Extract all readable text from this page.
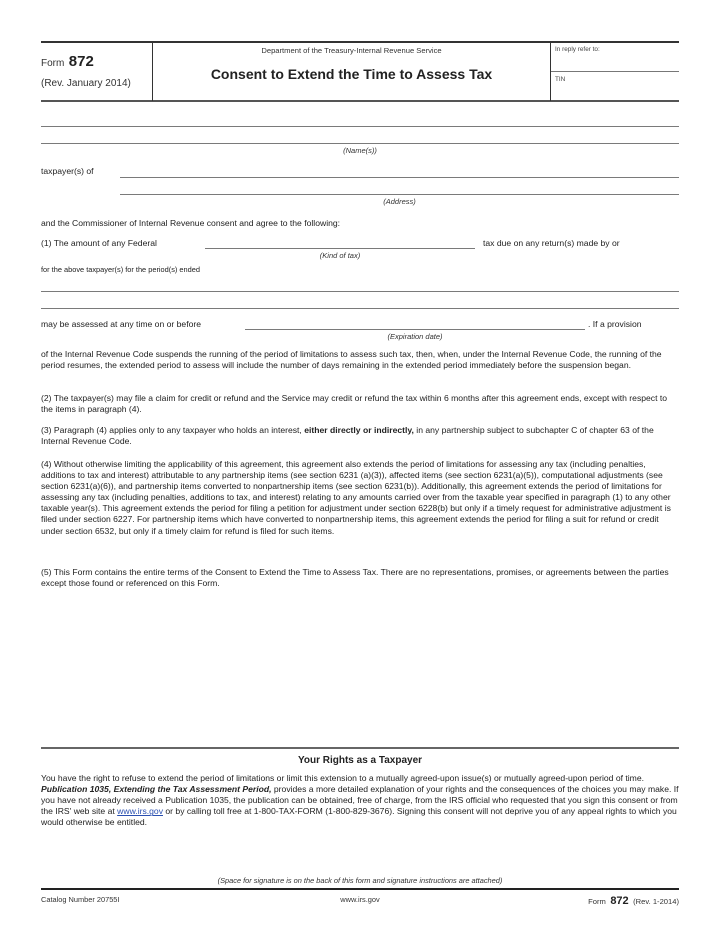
Form 872
(Rev. January 2014)
Department of the Treasury-Internal Revenue Service
Consent to Extend the Time to Assess Tax
In reply refer to:
TIN
(Name(s))
taxpayer(s) of
(Address)
and the Commissioner of Internal Revenue consent and agree to the following:
(1) The amount of any Federal
(Kind of tax)
tax due on any return(s) made by or
for the above taxpayer(s) for the period(s) ended
may be assessed at any time on or before
(Expiration date)
. If a provision
of the Internal Revenue Code suspends the running of the period of limitations to assess such tax, then, when, under the Internal Revenue Code, the running of the period resumes, the extended period to assess will include the number of days remaining in the extended period immediately before the suspension began.
(2) The taxpayer(s) may file a claim for credit or refund and the Service may credit or refund the tax within 6 months after this agreement ends, except with respect to the items in paragraph (4).
(3) Paragraph (4) applies only to any taxpayer who holds an interest, either directly or indirectly, in any partnership subject to subchapter C of chapter 63 of the Internal Revenue Code.
(4) Without otherwise limiting the applicability of this agreement, this agreement also extends the period of limitations for assessing any tax (including penalties, additions to tax and interest) attributable to any partnership items (see section 6231 (a)(3)), affected items (see section 6231(a)(5)), computational adjustments (see section 6231(a)(6)), and partnership items converted to nonpartnership items (see section 6231(b)). Additionally, this agreement extends the period of limitations for assessing any tax (including penalties, additions to tax, and interest) relating to any amounts carried over from the taxable year specified in paragraph (1) to any other taxable year(s). This agreement extends the period for filing a petition for adjustment under section 6228(b) but only if a timely request for administrative adjustment is filed under section 6227. For partnership items which have converted to nonpartnership items, this agreement extends the period for filing a suit for refund or credit under section 6532, but only if a timely claim for refund is filed for such items.
(5) This Form contains the entire terms of the Consent to Extend the Time to Assess Tax. There are no representations, promises, or agreements between the parties except those found or referenced on this Form.
Your Rights as a Taxpayer
You have the right to refuse to extend the period of limitations or limit this extension to a mutually agreed-upon issue(s) or mutually agreed-upon period of time. Publication 1035, Extending the Tax Assessment Period, provides a more detailed explanation of your rights and the consequences of the choices you may make. If you have not already received a Publication 1035, the publication can be obtained, free of charge, from the IRS official who requested that you sign this consent or from the IRS' web site at www.irs.gov or by calling toll free at 1-800-TAX-FORM (1-800-829-3676). Signing this consent will not deprive you of any appeal rights to which you would otherwise be entitled.
(Space for signature is on the back of this form and signature instructions are attached)
Catalog Number 20755I	www.irs.gov	Form 872 (Rev. 1-2014)
